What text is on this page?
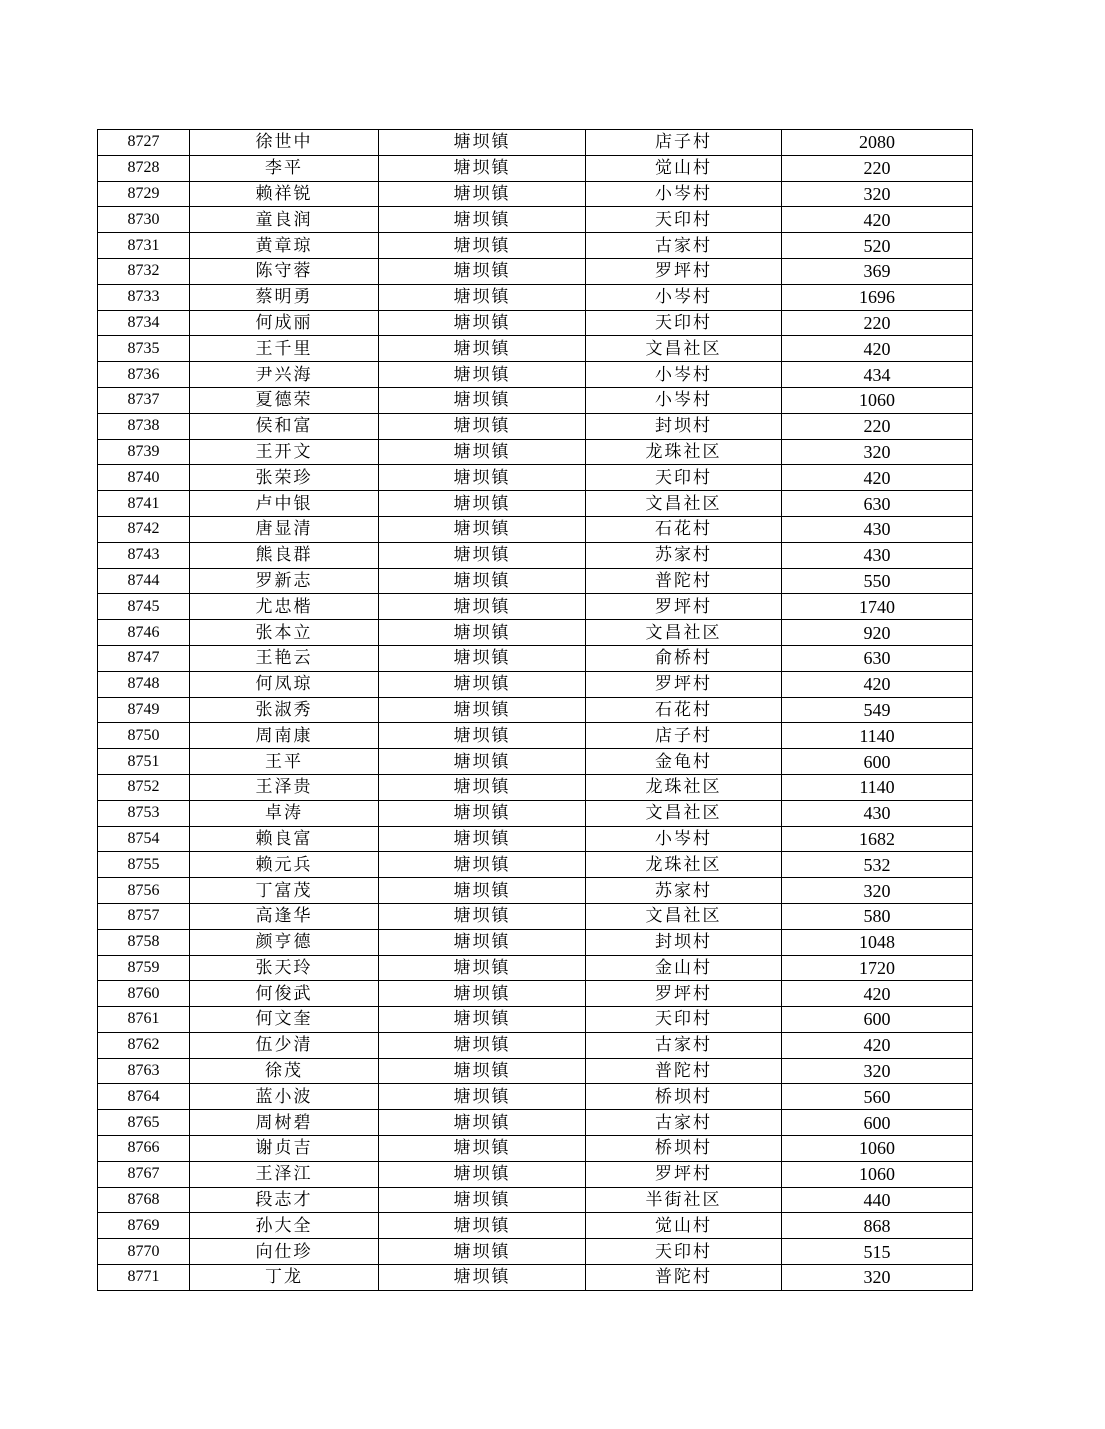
8727	徐世中	塘坝镇	店子村	2080
8728	李平	塘坝镇	觉山村	220
8729	赖祥锐	塘坝镇	小岑村	320
8730	童良润	塘坝镇	天印村	420
8731	黄章琼	塘坝镇	古家村	520
8732	陈守蓉	塘坝镇	罗坪村	369
8733	蔡明勇	塘坝镇	小岑村	1696
8734	何成丽	塘坝镇	天印村	220
8735	王千里	塘坝镇	文昌社区	420
8736	尹兴海	塘坝镇	小岑村	434
8737	夏德荣	塘坝镇	小岑村	1060
8738	侯和富	塘坝镇	封坝村	220
8739	王开文	塘坝镇	龙珠社区	320
8740	张荣珍	塘坝镇	天印村	420
8741	卢中银	塘坝镇	文昌社区	630
8742	唐显清	塘坝镇	石花村	430
8743	熊良群	塘坝镇	苏家村	430
8744	罗新志	塘坝镇	普陀村	550
8745	尤忠楷	塘坝镇	罗坪村	1740
8746	张本立	塘坝镇	文昌社区	920
8747	王艳云	塘坝镇	俞桥村	630
8748	何凤琼	塘坝镇	罗坪村	420
8749	张淑秀	塘坝镇	石花村	549
8750	周南康	塘坝镇	店子村	1140
8751	王平	塘坝镇	金龟村	600
8752	王泽贵	塘坝镇	龙珠社区	1140
8753	卓涛	塘坝镇	文昌社区	430
8754	赖良富	塘坝镇	小岑村	1682
8755	赖元兵	塘坝镇	龙珠社区	532
8756	丁富茂	塘坝镇	苏家村	320
8757	高逢华	塘坝镇	文昌社区	580
8758	颜亨德	塘坝镇	封坝村	1048
8759	张天玲	塘坝镇	金山村	1720
8760	何俊武	塘坝镇	罗坪村	420
8761	何文奎	塘坝镇	天印村	600
8762	伍少清	塘坝镇	古家村	420
8763	徐茂	塘坝镇	普陀村	320
8764	蓝小波	塘坝镇	桥坝村	560
8765	周树碧	塘坝镇	古家村	600
8766	谢贞吉	塘坝镇	桥坝村	1060
8767	王泽江	塘坝镇	罗坪村	1060
8768	段志才	塘坝镇	半街社区	440
8769	孙大全	塘坝镇	觉山村	868
8770	向仕珍	塘坝镇	天印村	515
8771	丁龙	塘坝镇	普陀村	320
